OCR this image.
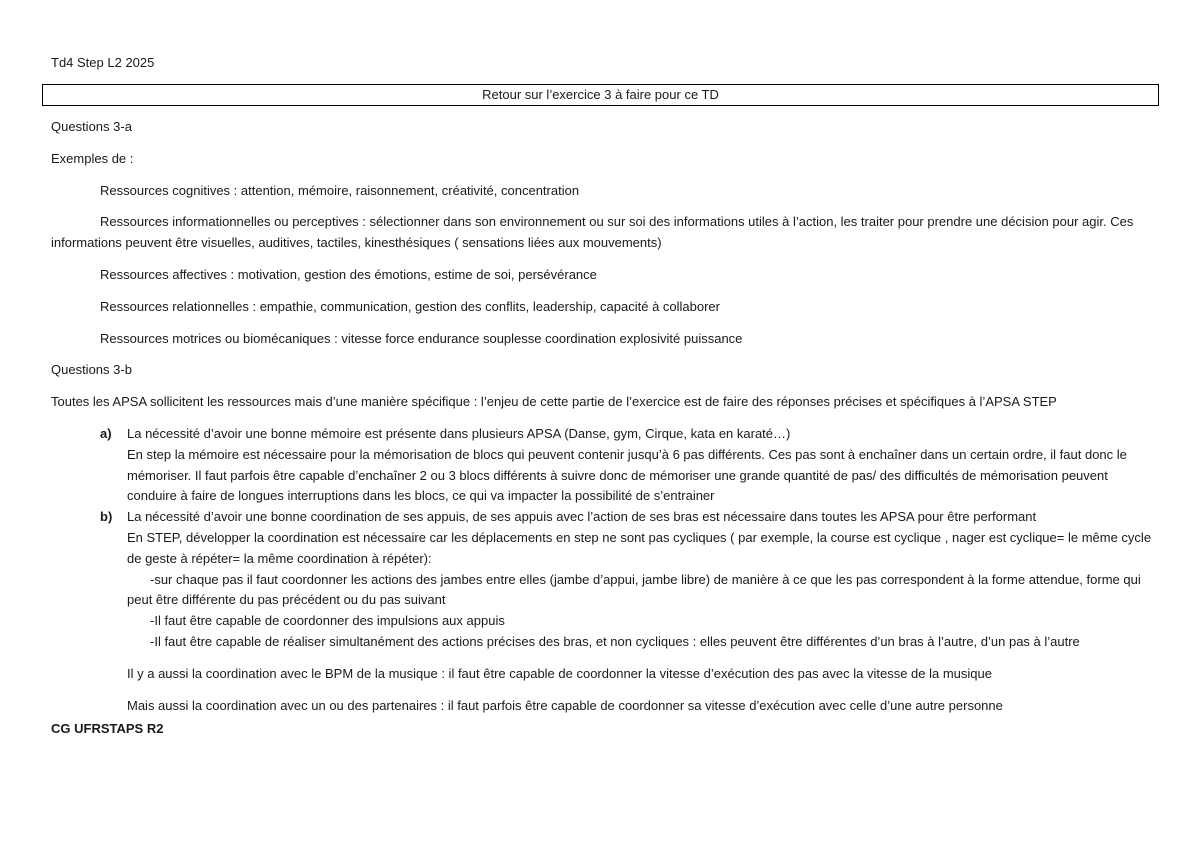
Td4 Step L2 2025
Retour sur l’exercice 3 à faire pour ce TD

Questions 3-a

Exemples de :

Ressources cognitives : attention, mémoire, raisonnement, créativité, concentration

Ressources informationnelles ou perceptives : sélectionner dans son environnement ou sur soi des informations utiles à l’action, les traiter pour prendre une décision pour agir. Ces informations peuvent être visuelles, auditives, tactiles, kinesthésiques ( sensations liées aux mouvements)

Ressources affectives : motivation, gestion des émotions, estime de soi, persévérance

Ressources relationnelles : empathie, communication, gestion des conflits, leadership, capacité à collaborer

Ressources motrices ou biomécaniques : vitesse force endurance souplesse coordination explosivité puissance

Questions 3-b

Toutes les APSA sollicitent les ressources mais d’une manière spécifique : l’enjeu de cette partie de l’exercice est de faire des réponses précises et spécifiques à l’APSA STEP

a) La nécessité d’avoir une bonne mémoire est présente dans plusieurs APSA (Danse, gym, Cirque, kata en karaté…)
En step la mémoire est nécessaire pour la mémorisation de blocs qui peuvent contenir jusqu’à 6 pas différents. Ces pas sont à enchaîner dans un certain ordre, il faut donc le mémoriser. Il faut parfois être capable d’enchaîner 2 ou 3 blocs différents à suivre donc de mémoriser une grande quantité de pas/ des difficultés de mémorisation peuvent conduire à faire de longues interruptions dans les blocs, ce qui va impacter la possibilité de s’entrainer
b) La nécessité d’avoir une bonne coordination de ses appuis, de ses appuis avec l’action de ses bras est nécessaire dans toutes les APSA pour être performant
En STEP, développer la coordination est nécessaire car les déplacements en step ne sont pas cycliques ( par exemple, la course est cyclique , nager est cyclique= le même cycle de geste à répéter= la même coordination à répéter):
-sur chaque pas il faut coordonner les actions des jambes entre elles (jambe d’appui, jambe libre) de manière à ce que les pas correspondent à la forme attendue, forme qui peut être différente du pas précédent ou du pas suivant
-Il faut être capable de coordonner des impulsions aux appuis
-Il faut être capable de réaliser simultanément des actions précises des bras, et non cycliques : elles peuvent être différentes d’un bras à l’autre, d’un pas à l’autre
Il y a aussi la coordination avec le BPM de la musique : il faut être capable de coordonner la vitesse d’exécution des pas avec la vitesse de la musique
Mais aussi la coordination avec un ou des partenaires : il faut parfois être capable de coordonner sa vitesse d’exécution avec celle d’une autre personne
CG UFRSTAPS R2
